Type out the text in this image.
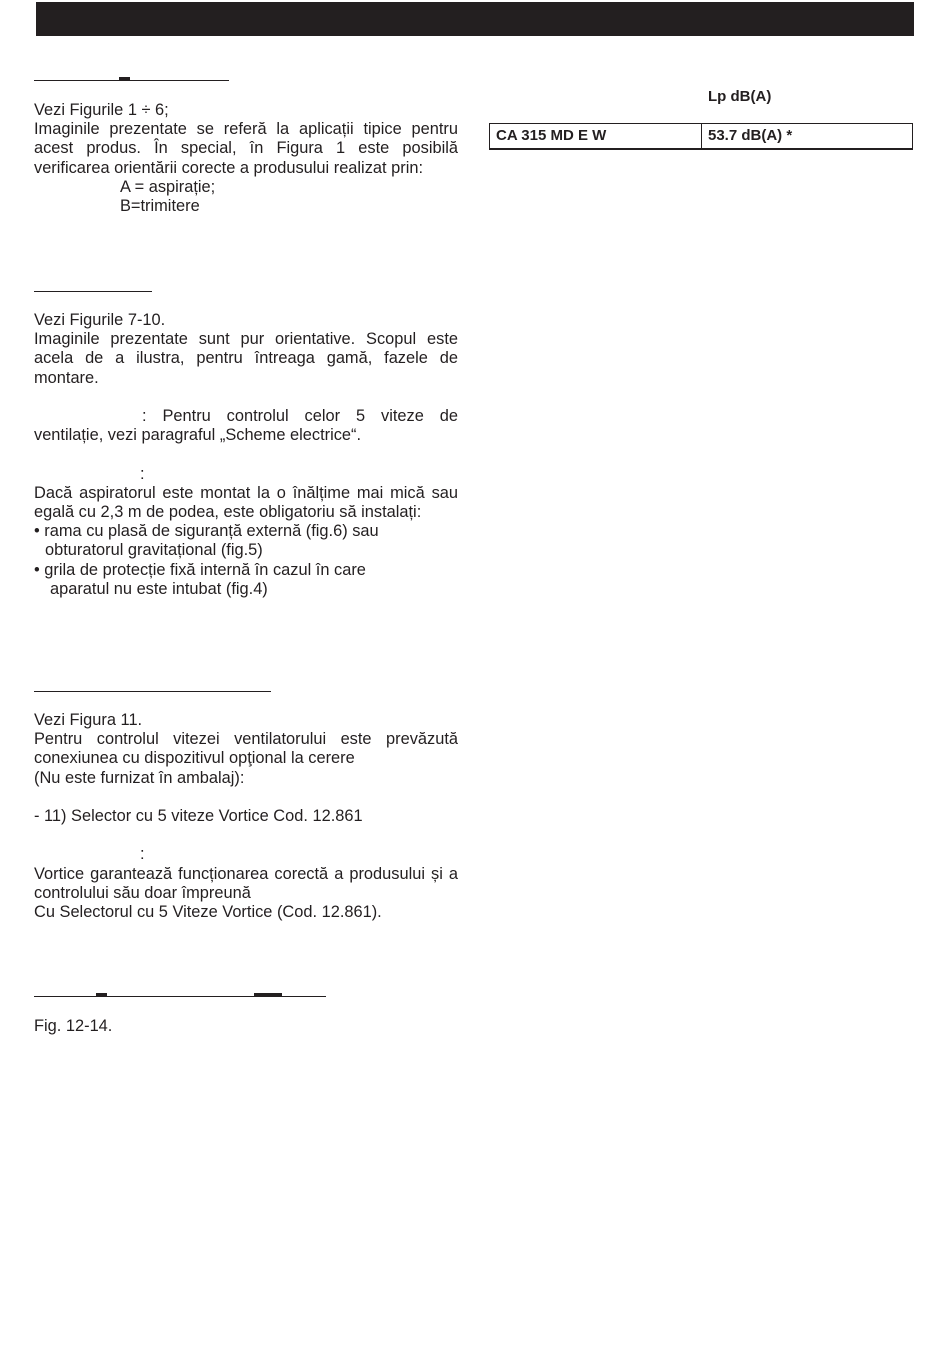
Vezi Figurile 1 ÷ 6;

Imaginile prezentate se referă la aplicații tipice pentru acest produs. În special, în Figura 1 este posibilă verificarea orientării corecte a produsului realizat prin:

A = aspirație;

B=trimitere

Vezi Figurile 7-10.

Imaginile prezentate sunt pur orientative. Scopul este acela de a ilustra, pentru întreaga gamă, fazele de montare.

: Pentru controlul celor 5 viteze de ventilație, vezi paragraful „Scheme electrice“.

:

Dacă aspiratorul este montat la o înălțime mai mică sau egală cu 2,3 m de podea, este obligatoriu să instalați:

• rama cu plasă de siguranță externă (fig.6) sau

obturatorul gravitațional (fig.5)

• grila de protecție fixă internă în cazul în care

aparatul nu este intubat (fig.4)

Vezi Figura 11.

Pentru controlul vitezei ventilatorului este prevăzută conexiunea cu dispozitivul opţional la cerere

(Nu este furnizat în ambalaj):

- 11) Selector cu 5 viteze Vortice Cod. 12.861

:

Vortice garantează funcționarea corectă a produsului și a controlului său doar împreună

Cu Selectorul cu 5 Viteze Vortice (Cod. 12.861).

Fig. 12-14.

Lp dB(A)
CA 315 MD E W	53.7 dB(A) *
